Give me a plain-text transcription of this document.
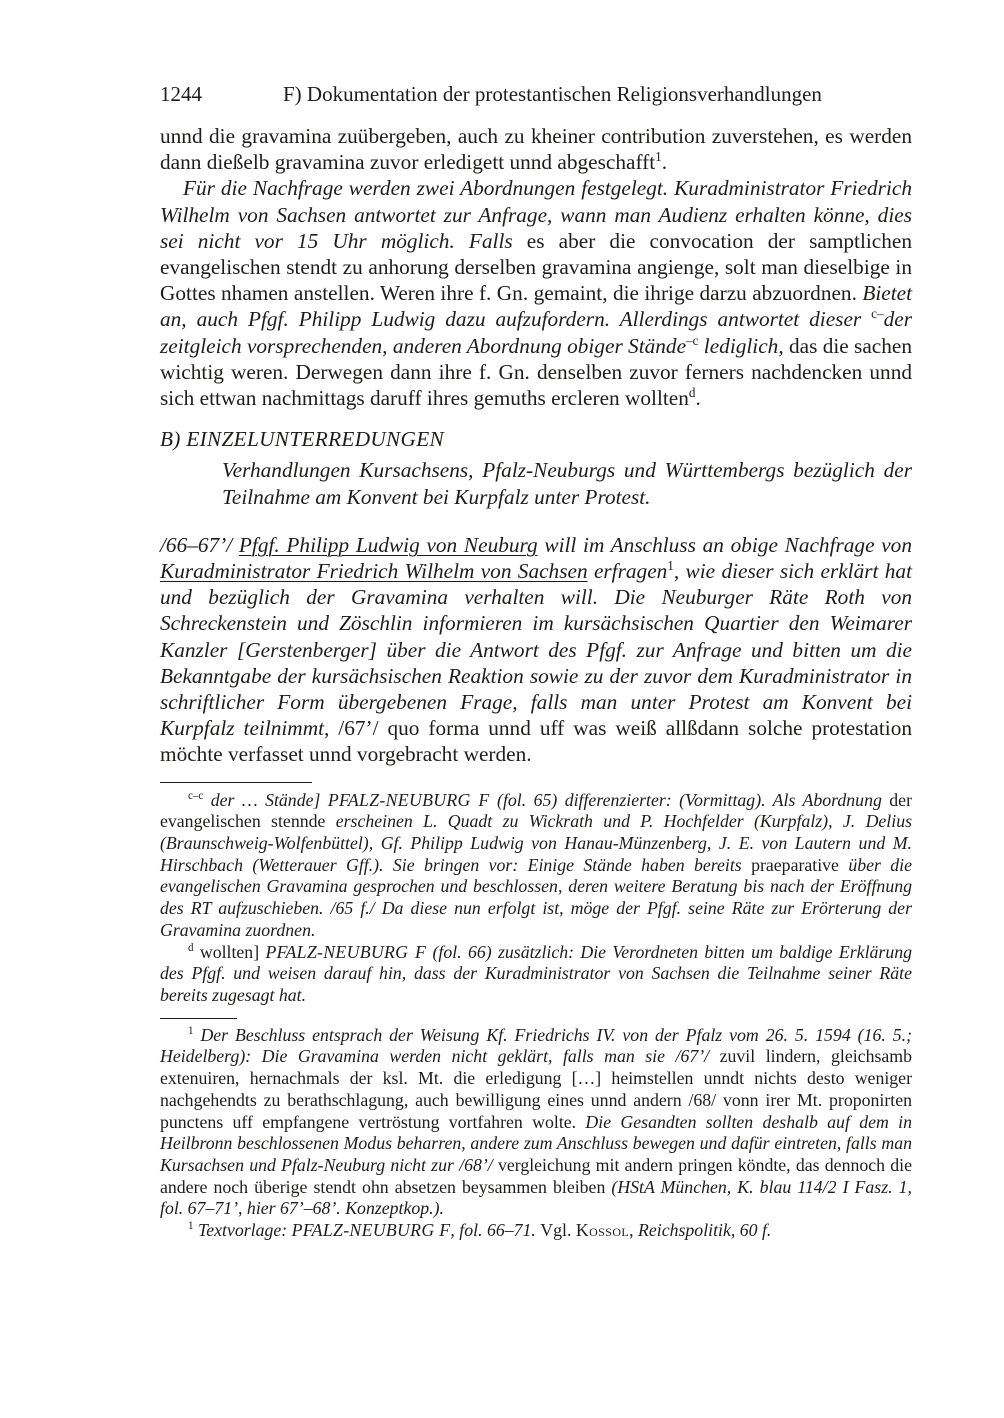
1244	F) Dokumentation der protestantischen Religionsverhandlungen

unnd die gravamina zuübergeben, auch zu kheiner contribution zuverstehen, es werden dann dießelb gravamina zuvor erledigett unnd abgeschafft$^1$.

Für die Nachfrage werden zwei Abordnungen festgelegt. Kuradministrator Friedrich Wilhelm von Sachsen antwortet zur Anfrage, wann man Audienz erhalten könne, dies sei nicht vor 15 Uhr möglich. Falls es aber die convocation der samptlichen evangelischen stendt zu anhorung derselben gravamina angienge, solt man dieselbige in Gottes nhamen anstellen. Weren ihre f. Gn. gemaint, die ihrige darzu abzuordnen. Bietet an, auch Pfgf. Philipp Ludwig dazu aufzufordern. Allerdings antwortet dieser $^{c-}$der zeitgleich vorsprechenden, anderen Abordnung obiger Stände$^{-c}$ lediglich, das die sachen wichtig weren. Derwegen dann ihre f. Gn. denselben zuvor ferners nachdencken unnd sich ettwan nachmittags daruff ihres gemuths ercleren wollten$^d$.

B) EINZELUNTERREDUNGEN

Verhandlungen Kursachsens, Pfalz-Neuburgs und Württembergs bezüglich der Teilnahme am Konvent bei Kurpfalz unter Protest.

/66–67’/ Pfgf. Philipp Ludwig von Neuburg will im Anschluss an obige Nachfrage von Kuradministrator Friedrich Wilhelm von Sachsen erfragen$^1$, wie dieser sich erklärt hat und bezüglich der Gravamina verhalten will. Die Neuburger Räte Roth von Schreckenstein und Zöschlin informieren im kursächsischen Quartier den Weimarer Kanzler [Gerstenberger] über die Antwort des Pfgf. zur Anfrage und bitten um die Bekanntgabe der kursächsischen Reaktion sowie zu der zuvor dem Kuradministrator in schriftlicher Form übergebenen Frage, falls man unter Protest am Konvent bei Kurpfalz teilnimmt, /67’/ quo forma unnd uff was weiß allßdann solche protestation möchte verfasset unnd vorgebracht werden.

$^{c-c}$ der … Stände] PFALZ-NEUBURG F (fol. 65) differenzierter: (Vormittag). Als Abordnung der evangelischen stennde erscheinen L. Quadt zu Wickrath und P. Hochfelder (Kurpfalz), J. Delius (Braunschweig-Wolfenbüttel), Gf. Philipp Ludwig von Hanau-Münzenberg, J. E. von Lautern und M. Hirschbach (Wetterauer Gff.). Sie bringen vor: Einige Stände haben bereits praeparative über die evangelischen Gravamina gesprochen und beschlossen, deren weitere Beratung bis nach der Eröffnung des RT aufzuschieben. /65 f./ Da diese nun erfolgt ist, möge der Pfgf. seine Räte zur Erörterung der Gravamina zuordnen.

$^d$ wollten] PFALZ-NEUBURG F (fol. 66) zusätzlich: Die Verordneten bitten um baldige Erklärung des Pfgf. und weisen darauf hin, dass der Kuradministrator von Sachsen die Teilnahme seiner Räte bereits zugesagt hat.

$^1$ Der Beschluss entsprach der Weisung Kf. Friedrichs IV. von der Pfalz vom 26. 5. 1594 (16. 5.; Heidelberg): Die Gravamina werden nicht geklärt, falls man sie /67’/ zuvil lindern, gleichsamb extenuiren, hernachmals der ksl. Mt. die erledigung […] heimstellen unndt nichts desto weniger nachgehendts zu berathschlagung, auch bewilligung eines unnd andern /68/ vonn irer Mt. proponirten punctens uff empfangene vertröstung vortfahren wolte. Die Gesandten sollten deshalb auf dem in Heilbronn beschlossenen Modus beharren, andere zum Anschluss bewegen und dafür eintreten, falls man Kursachsen und Pfalz-Neuburg nicht zur /68’/ vergleichung mit andern pringen köndte, das dennoch die andere noch überige stendt ohn absetzen beysammen bleiben (HStA München, K. blau 114/2 I Fasz. 1, fol. 67–71’, hier 67’–68’. Konzeptkop.).

$^1$ Textvorlage: PFALZ-NEUBURG F, fol. 66–71. Vgl. Kossol, Reichspolitik, 60 f.
